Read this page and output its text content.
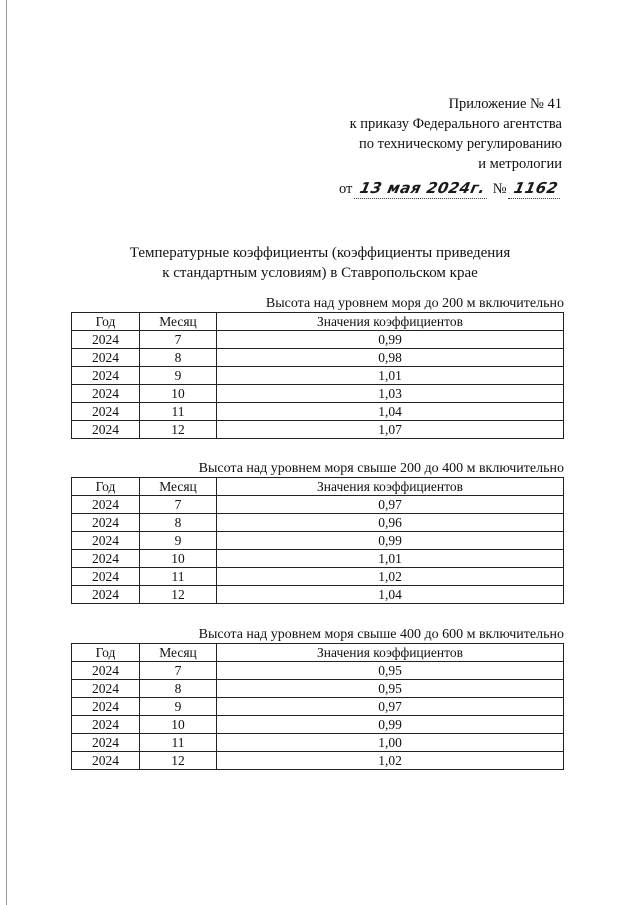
Приложение № 41
к приказу Федерального агентства
по техническому регулированию
и метрологии
от 13 мая 2024г. № 1162
Температурные коэффициенты (коэффициенты приведения
к стандартным условиям) в Ставропольском крае
Высота над уровнем моря до 200 м включительно
Год	Месяц	Значения коэффициентов
2024	7	0,99
2024	8	0,98
2024	9	1,01
2024	10	1,03
2024	11	1,04
2024	12	1,07
Высота над уровнем моря свыше 200 до 400 м включительно
Год	Месяц	Значения коэффициентов
2024	7	0,97
2024	8	0,96
2024	9	0,99
2024	10	1,01
2024	11	1,02
2024	12	1,04
Высота над уровнем моря свыше 400 до 600 м включительно
Год	Месяц	Значения коэффициентов
2024	7	0,95
2024	8	0,95
2024	9	0,97
2024	10	0,99
2024	11	1,00
2024	12	1,02
